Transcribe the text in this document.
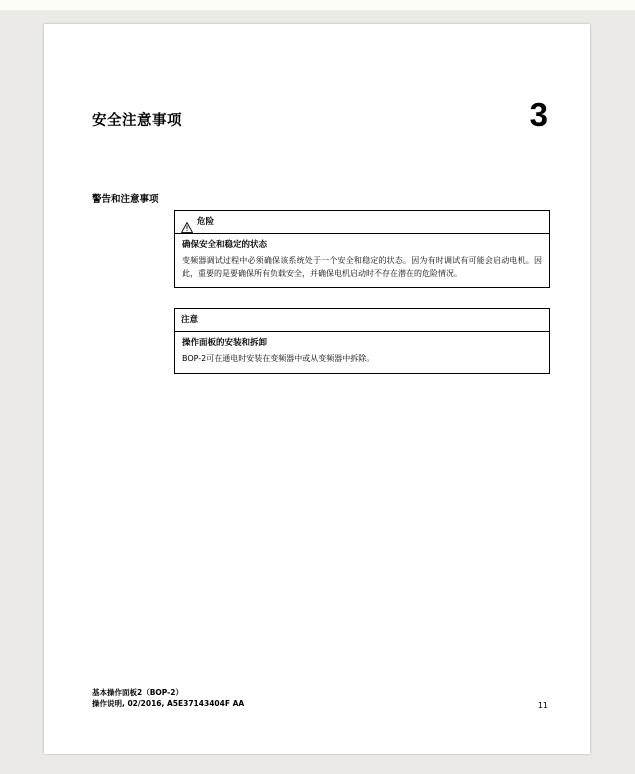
安全注意事项	3
警告和注意事项
危险

确保安全和稳定的状态

变频器调试过程中必须确保该系统处于一个安全和稳定的状态。因为有时调试有可能会启动电机。因此，重要的是要确保所有负载安全，并确保电机启动时不存在潜在的危险情况。

注意

操作面板的安装和拆卸

BOP-2可在通电时安装在变频器中或从变频器中拆除。

基本操作面板2（BOP-2）
操作说明, 02/2016, A5E37143404F AA	11
